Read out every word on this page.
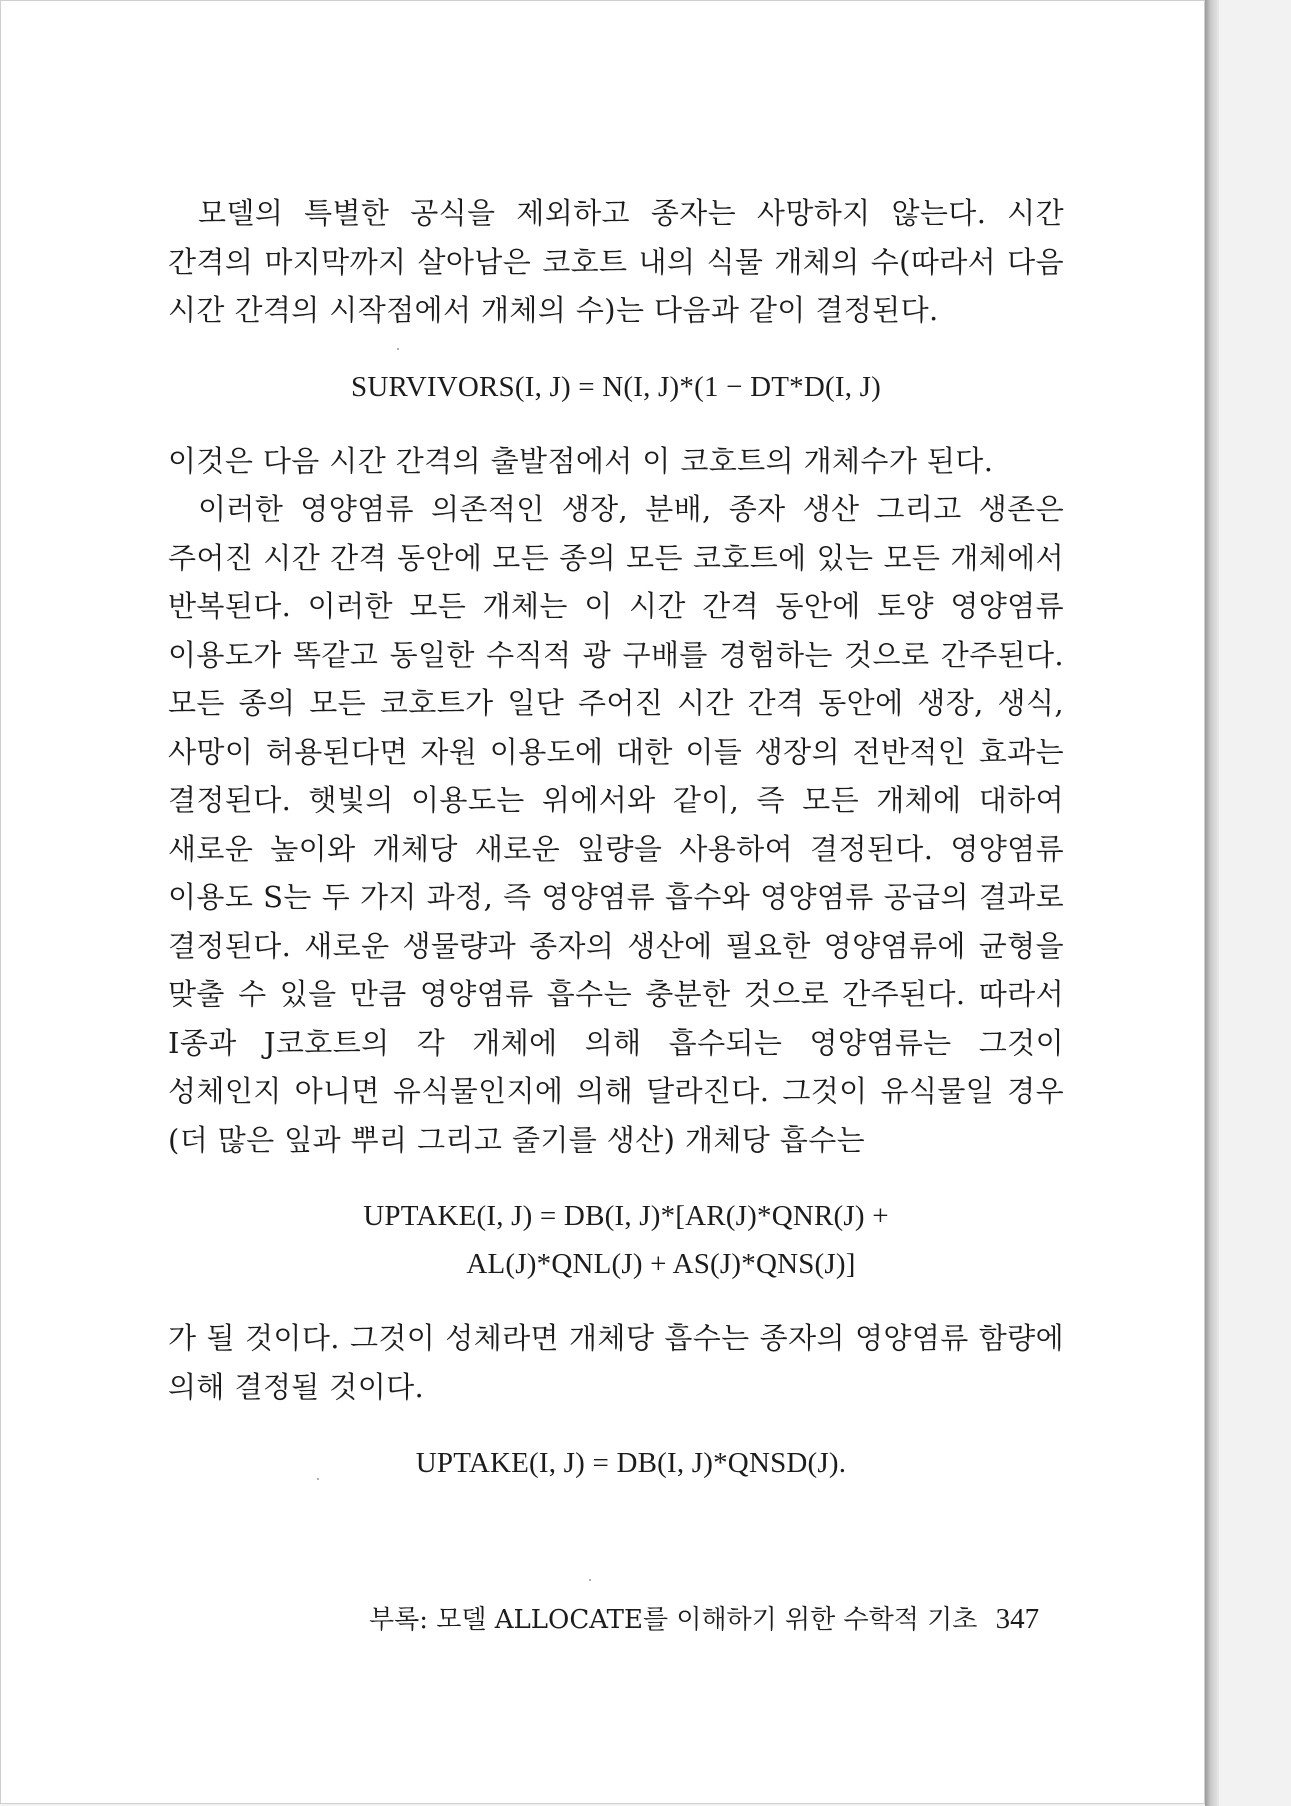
모델의 특별한 공식을 제외하고 종자는 사망하지 않는다. 시간 간격의 마지막까지 살아남은 코호트 내의 식물 개체의 수(따라서 다음 시간 간격의 시작점에서 개체의 수)는 다음과 같이 결정된다.

SURVIVORS(I, J) = N(I, J)*(1 − DT*D(I, J)

이것은 다음 시간 간격의 출발점에서 이 코호트의 개체수가 된다.

이러한 영양염류 의존적인 생장, 분배, 종자 생산 그리고 생존은 주어진 시간 간격 동안에 모든 종의 모든 코호트에 있는 모든 개체에서 반복된다. 이러한 모든 개체는 이 시간 간격 동안에 토양 영양염류 이용도가 똑같고 동일한 수직적 광 구배를 경험하는 것으로 간주된다. 모든 종의 모든 코호트가 일단 주어진 시간 간격 동안에 생장, 생식, 사망이 허용된다면 자원 이용도에 대한 이들 생장의 전반적인 효과는 결정된다. 햇빛의 이용도는 위에서와 같이, 즉 모든 개체에 대하여 새로운 높이와 개체당 새로운 잎량을 사용하여 결정된다. 영양염류 이용도 S는 두 가지 과정, 즉 영양염류 흡수와 영양염류 공급의 결과로 결정된다. 새로운 생물량과 종자의 생산에 필요한 영양염류에 균형을 맞출 수 있을 만큼 영양염류 흡수는 충분한 것으로 간주된다. 따라서 I종과 J코호트의 각 개체에 의해 흡수되는 영양염류는 그것이 성체인지 아니면 유식물인지에 의해 달라진다. 그것이 유식물일 경우(더 많은 잎과 뿌리 그리고 줄기를 생산) 개체당 흡수는

UPTAKE(I, J) = DB(I, J)*[AR(J)*QNR(J) +

AL(J)*QNL(J) + AS(J)*QNS(J)]

가 될 것이다. 그것이 성체라면 개체당 흡수는 종자의 영양염류 함량에 의해 결정될 것이다.

UPTAKE(I, J) = DB(I, J)*QNSD(J).

부록: 모델 ALLOCATE를 이해하기 위한 수학적 기초 347
